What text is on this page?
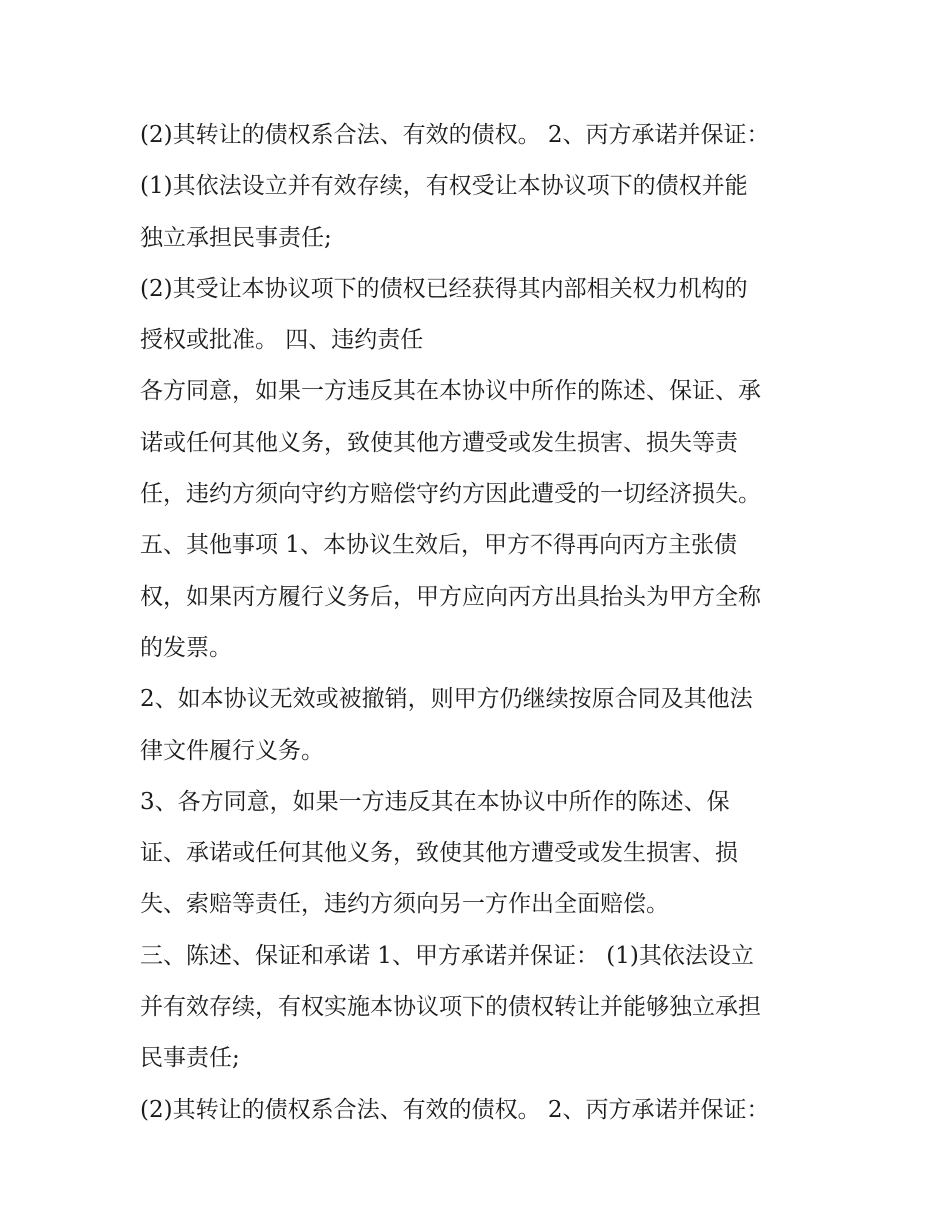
(2)其转让的债权系合法、有效的债权。 2、丙方承诺并保证：
(1)其依法设立并有效存续，有权受让本协议项下的债权并能
独立承担民事责任;
(2)其受让本协议项下的债权已经获得其内部相关权力机构的
授权或批准。 四、违约责任
各方同意，如果一方违反其在本协议中所作的陈述、保证、承
诺或任何其他义务，致使其他方遭受或发生损害、损失等责
任，违约方须向守约方赔偿守约方因此遭受的一切经济损失。
五、其他事项 1、本协议生效后，甲方不得再向丙方主张债
权，如果丙方履行义务后，甲方应向丙方出具抬头为甲方全称
的发票。
2、如本协议无效或被撤销，则甲方仍继续按原合同及其他法
律文件履行义务。
3、各方同意，如果一方违反其在本协议中所作的陈述、保
证、承诺或任何其他义务，致使其他方遭受或发生损害、损
失、索赔等责任，违约方须向另一方作出全面赔偿。
三、陈述、保证和承诺 1、甲方承诺并保证： (1)其依法设立
并有效存续，有权实施本协议项下的债权转让并能够独立承担
民事责任;
(2)其转让的债权系合法、有效的债权。 2、丙方承诺并保证：
